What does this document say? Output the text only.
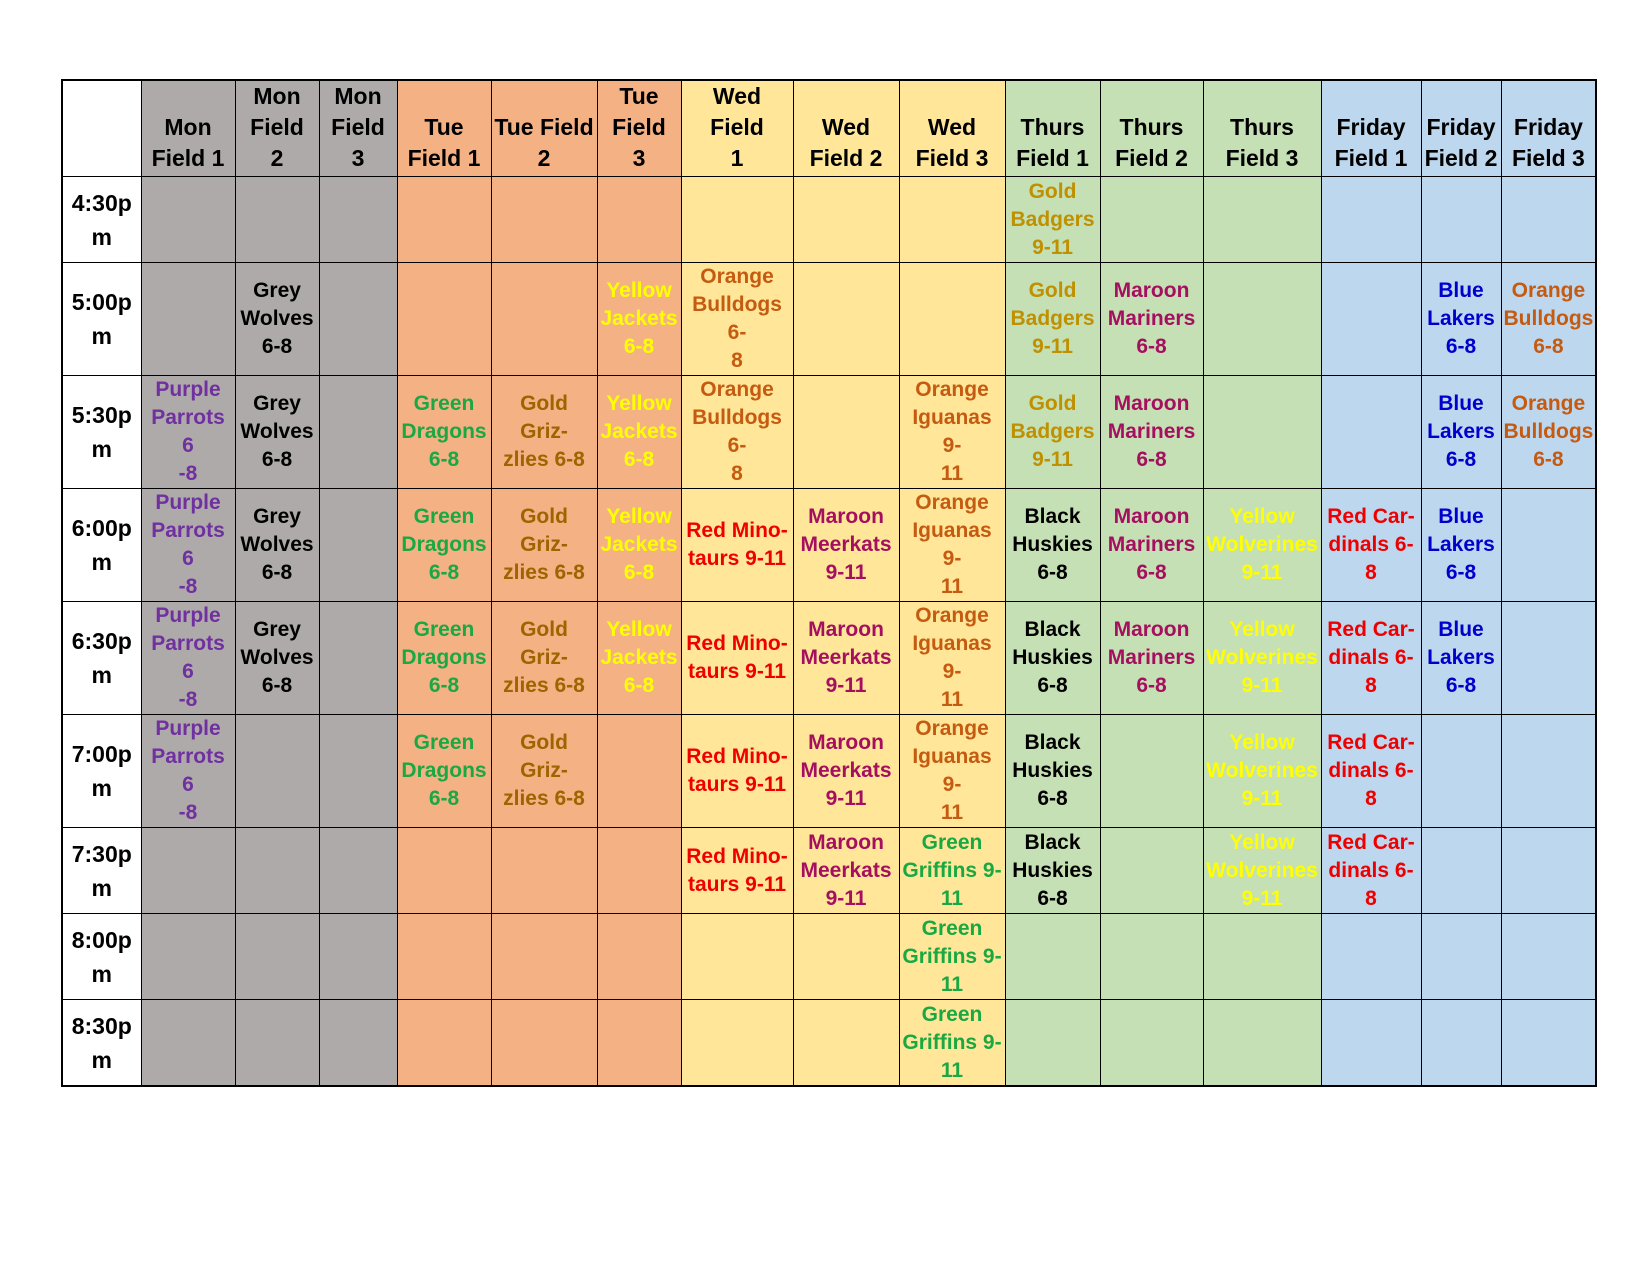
	Mon
Field 1	Mon
Field
2	Mon
Field
3	Tue
Field 1	Tue Field
2	Tue
Field
3	Wed Field
1	Wed
Field 2	Wed
Field 3	Thurs
Field 1	Thurs
Field 2	Thurs
Field 3	Friday
Field 1	Friday
Field 2	Friday
Field 3
4:30p
m										Gold
Badgers
9-11					
5:00p
m		Grey
Wolves
6-8				Yellow
Jackets
6-8	Orange
Bulldogs 6-
8			Gold
Badgers
9-11	Maroon
Mariners
6-8			Blue
Lakers
6-8	Orange
Bulldogs
6-8
5:30p
m	Purple
Parrots 6
-8	Grey
Wolves
6-8		Green
Dragons
6-8	Gold Griz-
zlies 6-8	Yellow
Jackets
6-8	Orange
Bulldogs 6-
8		Orange
Iguanas 9-
11	Gold
Badgers
9-11	Maroon
Mariners
6-8			Blue
Lakers
6-8	Orange
Bulldogs
6-8
6:00p
m	Purple
Parrots 6
-8	Grey
Wolves
6-8		Green
Dragons
6-8	Gold Griz-
zlies 6-8	Yellow
Jackets
6-8	Red Mino-
taurs 9-11	Maroon
Meerkats
9-11	Orange
Iguanas 9-
11	Black
Huskies
6-8	Maroon
Mariners
6-8	Yellow
Wolverines
9-11	Red Car-
dinals 6-8	Blue
Lakers
6-8	
6:30p
m	Purple
Parrots 6
-8	Grey
Wolves
6-8		Green
Dragons
6-8	Gold Griz-
zlies 6-8	Yellow
Jackets
6-8	Red Mino-
taurs 9-11	Maroon
Meerkats
9-11	Orange
Iguanas 9-
11	Black
Huskies
6-8	Maroon
Mariners
6-8	Yellow
Wolverines
9-11	Red Car-
dinals 6-8	Blue
Lakers
6-8	
7:00p
m	Purple
Parrots 6
-8			Green
Dragons
6-8	Gold Griz-
zlies 6-8		Red Mino-
taurs 9-11	Maroon
Meerkats
9-11	Orange
Iguanas 9-
11	Black
Huskies
6-8		Yellow
Wolverines
9-11	Red Car-
dinals 6-8		
7:30p
m							Red Mino-
taurs 9-11	Maroon
Meerkats
9-11	Green
Griffins 9-
11	Black
Huskies
6-8		Yellow
Wolverines
9-11	Red Car-
dinals 6-8		
8:00p
m									Green
Griffins 9-
11						
8:30p
m									Green
Griffins 9-
11						
